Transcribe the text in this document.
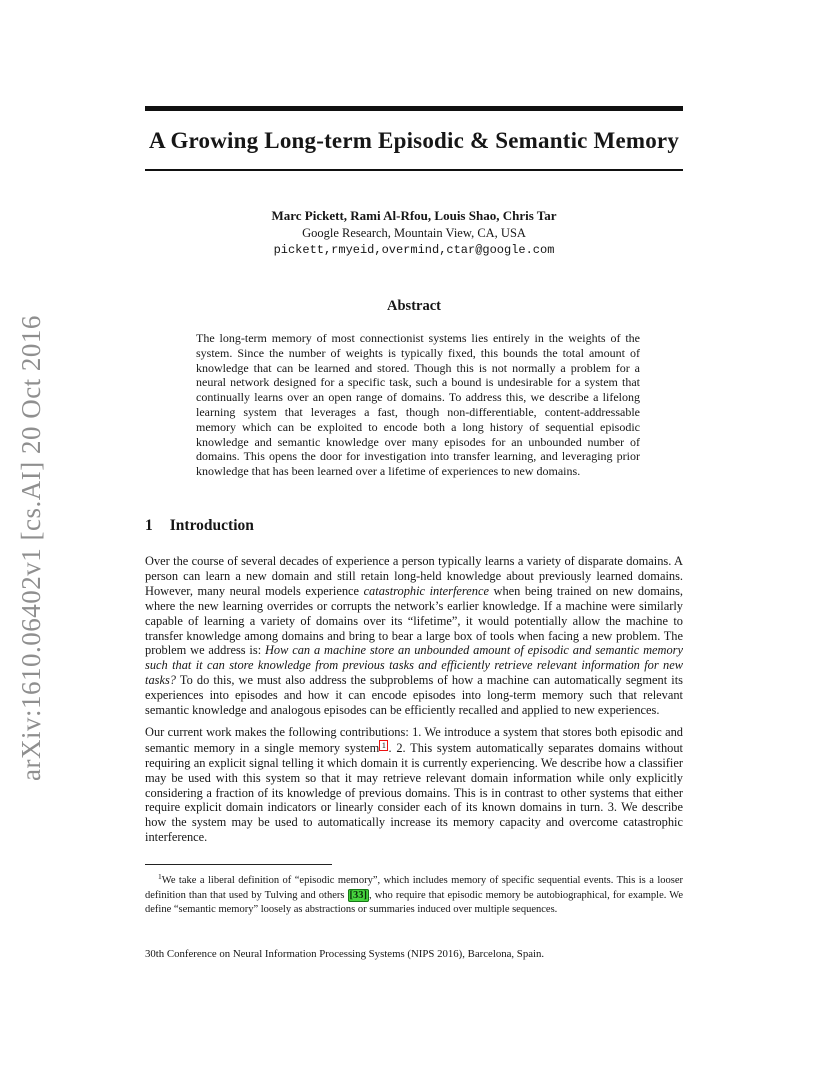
arXiv:1610.06402v1 [cs.AI] 20 Oct 2016
A Growing Long-term Episodic & Semantic Memory
Marc Pickett, Rami Al-Rfou, Louis Shao, Chris Tar
Google Research, Mountain View, CA, USA
pickett,rmyeid,overmind,ctar@google.com
Abstract

The long-term memory of most connectionist systems lies entirely in the weights of the system. Since the number of weights is typically fixed, this bounds the total amount of knowledge that can be learned and stored. Though this is not normally a problem for a neural network designed for a specific task, such a bound is undesirable for a system that continually learns over an open range of domains. To address this, we describe a lifelong learning system that leverages a fast, though non-differentiable, content-addressable memory which can be exploited to encode both a long history of sequential episodic knowledge and semantic knowledge over many episodes for an unbounded number of domains. This opens the door for investigation into transfer learning, and leveraging prior knowledge that has been learned over a lifetime of experiences to new domains.

1 Introduction

Over the course of several decades of experience a person typically learns a variety of disparate domains. A person can learn a new domain and still retain long-held knowledge about previously learned domains. However, many neural models experience catastrophic interference when being trained on new domains, where the new learning overrides or corrupts the network’s earlier knowledge. If a machine were similarly capable of learning a variety of domains over its “lifetime”, it would potentially allow the machine to transfer knowledge among domains and bring to bear a large box of tools when facing a new problem. The problem we address is: How can a machine store an unbounded amount of episodic and semantic memory such that it can store knowledge from previous tasks and efficiently retrieve relevant information for new tasks? To do this, we must also address the subproblems of how a machine can automatically segment its experiences into episodes and how it can encode episodes into long-term memory such that relevant semantic knowledge and analogous episodes can be efficiently recalled and applied to new experiences.

Our current work makes the following contributions: 1. We introduce a system that stores both episodic and semantic memory in a single memory system 1 . 2. This system automatically separates domains without requiring an explicit signal telling it which domain it is currently experiencing. We describe how a classifier may be used with this system so that it may retrieve relevant domain information while only explicitly considering a fraction of its knowledge of previous domains. This is in contrast to other systems that either require explicit domain indicators or linearly consider each of its known domains in turn. 3. We describe how the system may be used to automatically increase its memory capacity and overcome catastrophic interference.

$^1$We take a liberal definition of “episodic memory”, which includes memory of specific sequential events. This is a looser definition than that used by Tulving and others [33] , who require that episodic memory be autobiographical, for example. We define “semantic memory” loosely as abstractions or summaries induced over multiple sequences.

30th Conference on Neural Information Processing Systems (NIPS 2016), Barcelona, Spain.
